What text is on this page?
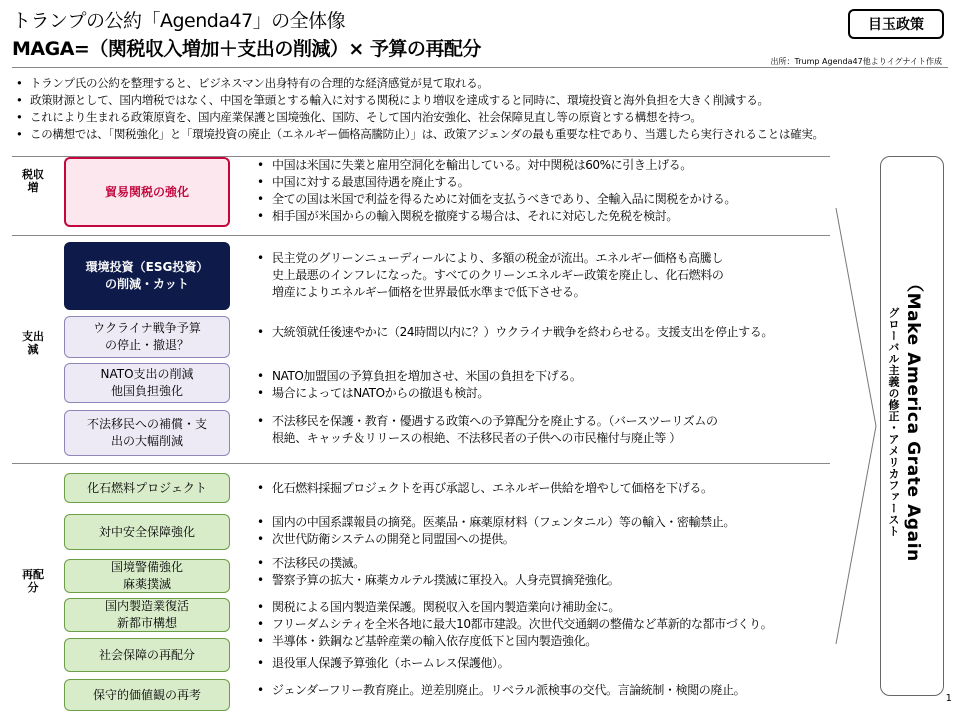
トランプの公約「Agenda47」の全体像
MAGA=（関税収入増加＋支出の削減）× 予算の再配分
目玉政策
出所：Trump Agenda47他よりイグナイト作成
• トランプ氏の公約を整理すると、ビジネスマン出身特有の合理的な経済感覚が見て取れる。
• 政策財源として、国内増税ではなく、中国を筆頭とする輸入に対する関税により増収を達成すると同時に、環境投資と海外負担を大きく削減する。
• これにより生まれる政策原資を、国内産業保護と国境強化、国防、そして国内治安強化、社会保障見直し等の原資とする構想を持つ。
• この構想では、「関税強化」と「環境投資の廃止（エネルギー価格高騰防止）」は、政策アジェンダの最も重要な柱であり、当選したら実行されることは確実。
税収増
支出減
再配分
貿易関税の強化
• 中国は米国に失業と雇用空洞化を輸出している。対中関税は60%に引き上げる。
• 中国に対する最恵国待遇を廃止する。
• 全ての国は米国で利益を得るために対価を支払うべきであり、全輸入品に関税をかける。
• 相手国が米国からの輸入関税を撤廃する場合は、それに対応した免税を検討。
環境投資（ESG投資）
の削減・カット
• 民主党のグリーンニューディールにより、多額の税金が流出。エネルギー価格も高騰し
史上最悪のインフレになった。すべてのクリーンエネルギー政策を廃止し、化石燃料の
増産によりエネルギー価格を世界最低水準まで低下させる。
ウクライナ戦争予算
の停止・撤退？
• 大統領就任後速やかに（24時間以内に？）ウクライナ戦争を終わらせる。支援支出を停止する。
NATO支出の削減
他国負担強化
• NATO加盟国の予算負担を増加させ、米国の負担を下げる。
• 場合によってはNATOからの撤退も検討。
不法移民への補償・支
出の大幅削減
• 不法移民を保護・教育・優遇する政策への予算配分を廃止する。（バースツーリズムの
根絶、キャッチ＆リリースの根絶、不法移民者の子供への市民権付与廃止等 ）
化石燃料プロジェクト	• 化石燃料採掘プロジェクトを再び承認し、エネルギー供給を増やして価格を下げる。
対中安全保障強化
• 国内の中国系諜報員の摘発。医薬品・麻薬原材料（フェンタニル）等の輸入・密輸禁止。
• 次世代防衛システムの開発と同盟国への提供。
国境警備強化
麻薬撲滅
• 不法移民の撲滅。
• 警察予算の拡大・麻薬カルテル撲滅に軍投入。人身売買摘発強化。
国内製造業復活
新都市構想
• 関税による国内製造業保護。関税収入を国内製造業向け補助金に。
• フリーダムシティを全米各地に最大10都市建設。次世代交通網の整備など革新的な都市づくり。
• 半導体・鉄鋼など基幹産業の輸入依存度低下と国内製造強化。
社会保障の再配分
• 退役軍人保護予算強化（ホームレス保護他）。
保守的価値観の再考	• ジェンダーフリー教育廃止。逆差別廃止。リベラル派検事の交代。言論統制・検閲の廃止。
（Make America Grate Again
グローバル主義の修正・アメリカファースト
1
